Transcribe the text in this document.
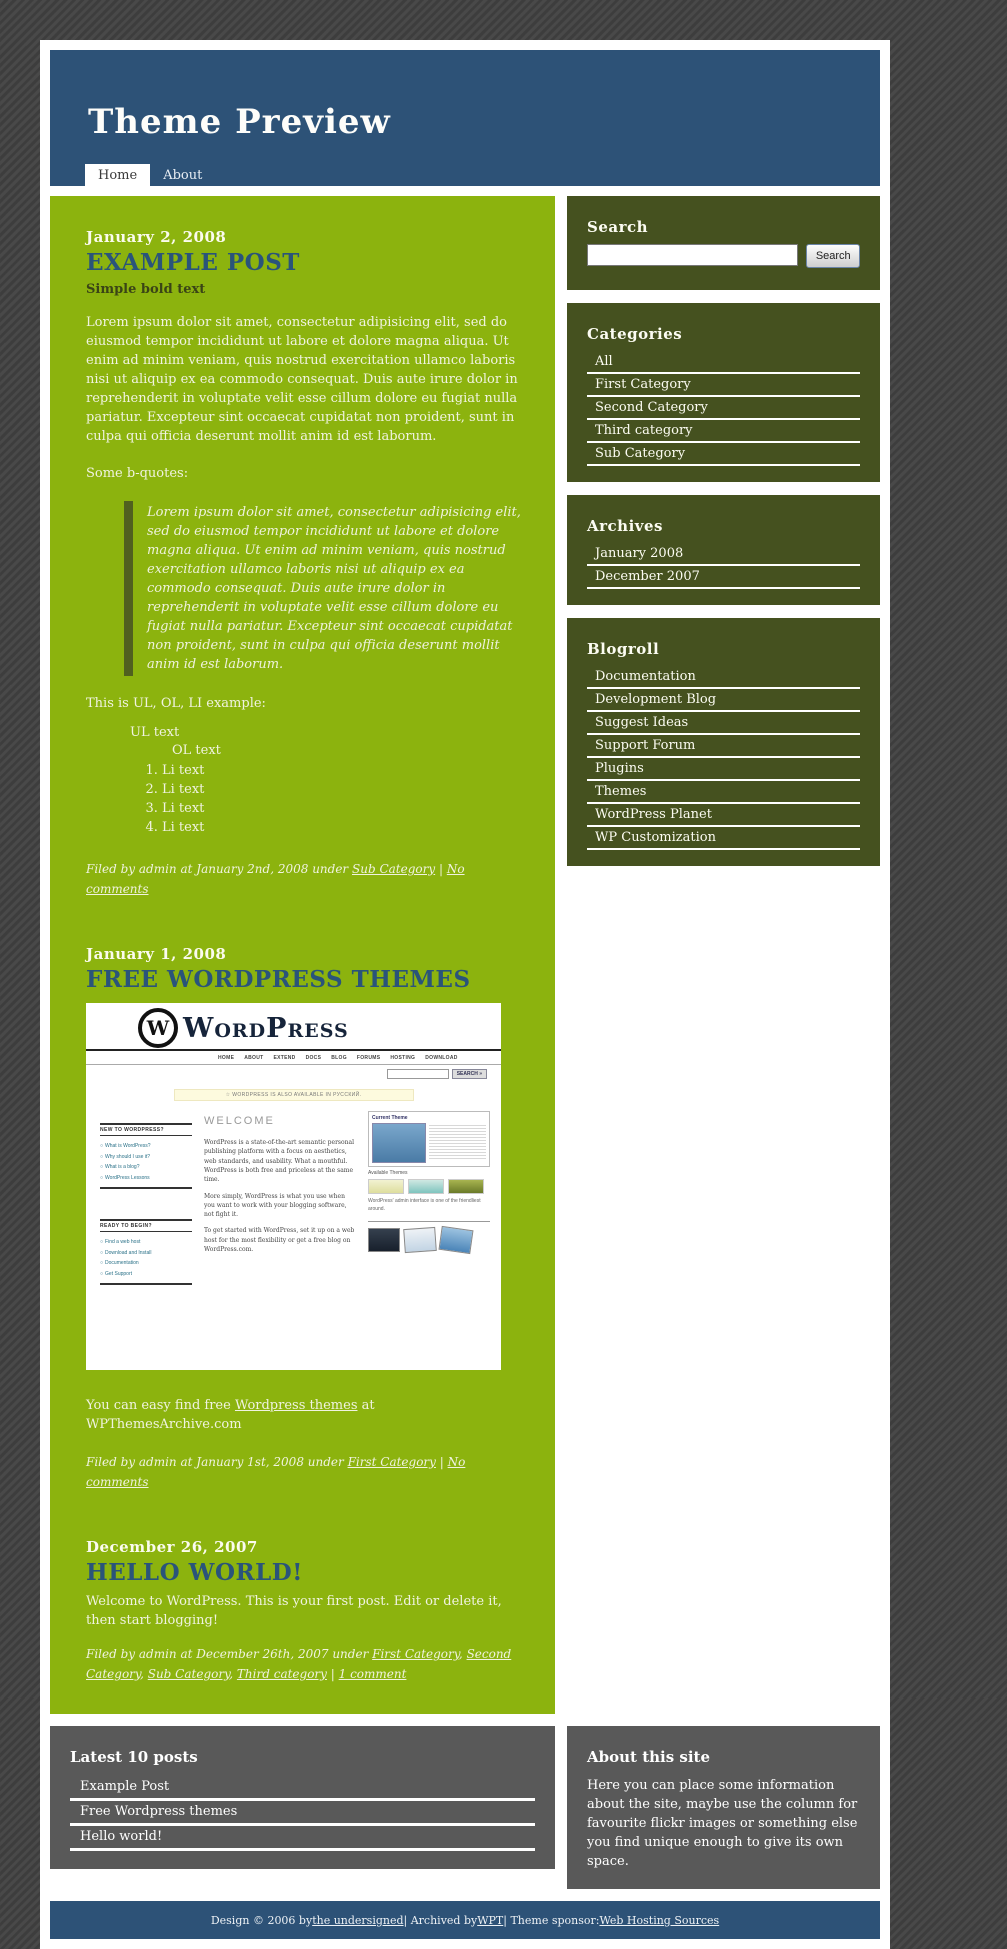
Theme Preview
Home	About
January 2, 2008
EXAMPLE POST
Simple bold text

Lorem ipsum dolor sit amet, consectetur adipisicing elit, sed do eiusmod tempor incididunt ut labore et dolore magna aliqua. Ut enim ad minim veniam, quis nostrud exercitation ullamco laboris nisi ut aliquip ex ea commodo consequat. Duis aute irure dolor in reprehenderit in voluptate velit esse cillum dolore eu fugiat nulla pariatur. Excepteur sint occaecat cupidatat non proident, sunt in culpa qui officia deserunt mollit anim id est laborum.

Some b-quotes:

Lorem ipsum dolor sit amet, consectetur adipisicing elit, sed do eiusmod tempor incididunt ut labore et dolore magna aliqua. Ut enim ad minim veniam, quis nostrud exercitation ullamco laboris nisi ut aliquip ex ea commodo consequat. Duis aute irure dolor in reprehenderit in voluptate velit esse cillum dolore eu fugiat nulla pariatur. Excepteur sint occaecat cupidatat non proident, sunt in culpa qui officia deserunt mollit anim id est laborum.

This is UL, OL, LI example:

UL text
OL text
1. Li text
2. Li text
3. Li text
4. Li text

Filed by admin at January 2nd, 2008 under Sub Category | No comments

January 1, 2008
FREE WORDPRESS THEMES
W WordPress
HOME ABOUT EXTEND DOCS BLOG FORUMS HOSTING DOWNLOAD
SEARCH »
☆ WORDPRESS IS ALSO AVAILABLE IN РУССКИЙ.
NEW TO WORDPRESS?
○ What is WordPress?
○ Why should I use it?
○ What is a blog?
○ WordPress Lessons
READY TO BEGIN?
○ Find a web host
○ Download and Install
○ Documentation
○ Get Support
WELCOME

WordPress is a state-of-the-art semantic personal publishing platform with a focus on aesthetics, web standards, and usability. What a mouthful. WordPress is both free and priceless at the same time.

More simply, WordPress is what you use when you want to work with your blogging software, not fight it.

To get started with WordPress, set it up on a web host for the most flexibility or get a free blog on WordPress.com.

Current Theme
Available Themes

WordPress' admin interface is one of the friendliest around.

You can easy find free Wordpress themes at WPThemesArchive.com

Filed by admin at January 1st, 2008 under First Category | No comments

December 26, 2007
HELLO WORLD!

Welcome to WordPress. This is your first post. Edit or delete it, then start blogging!

Filed by admin at December 26th, 2007 under First Category, Second Category, Sub Category, Third category | 1 comment

Search
Search
Categories
All
First Category
Second Category
Third category
Sub Category
Archives
January 2008
December 2007
Blogroll
Documentation
Development Blog
Suggest Ideas
Support Forum
Plugins
Themes
WordPress Planet
WP Customization
Latest 10 posts
Example Post
Free Wordpress themes
Hello world!
About this site

Here you can place some information about the site, maybe use the column for favourite flickr images or something else you find unique enough to give its own space.

Design © 2006 by the undersigned | Archived by WPT | Theme sponsor: Web Hosting Sources
